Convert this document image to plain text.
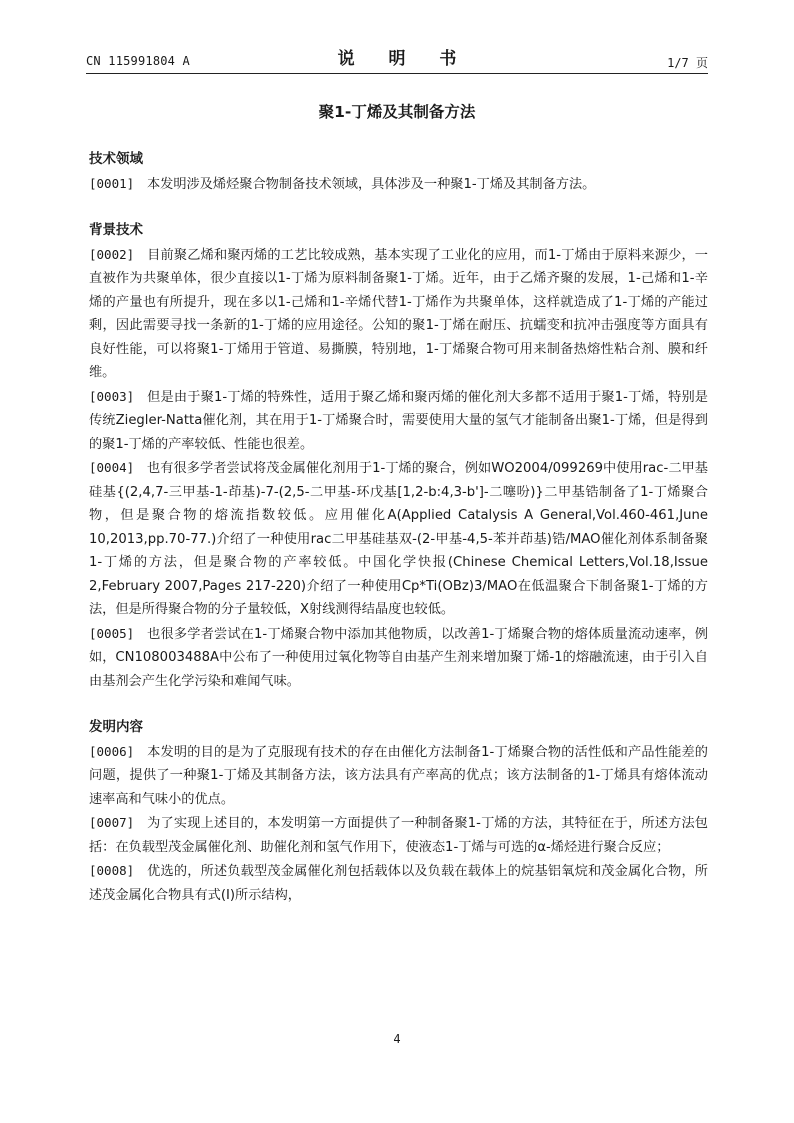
CN 115991804 A	说 明 书	1/7 页
聚1-丁烯及其制备方法
技术领域

[0001] 本发明涉及烯烃聚合物制备技术领域，具体涉及一种聚1-丁烯及其制备方法。

背景技术

[0002] 目前聚乙烯和聚丙烯的工艺比较成熟，基本实现了工业化的应用，而1-丁烯由于原料来源少，一直被作为共聚单体，很少直接以1-丁烯为原料制备聚1-丁烯。近年，由于乙烯齐聚的发展，1-己烯和1-辛烯的产量也有所提升，现在多以1-己烯和1-辛烯代替1-丁烯作为共聚单体，这样就造成了1-丁烯的产能过剩，因此需要寻找一条新的1-丁烯的应用途径。公知的聚1-丁烯在耐压、抗蠕变和抗冲击强度等方面具有良好性能，可以将聚1-丁烯用于管道、易撕膜，特别地，1-丁烯聚合物可用来制备热熔性粘合剂、膜和纤维。

[0003] 但是由于聚1-丁烯的特殊性，适用于聚乙烯和聚丙烯的催化剂大多都不适用于聚1-丁烯，特别是传统Ziegler-Natta催化剂，其在用于1-丁烯聚合时，需要使用大量的氢气才能制备出聚1-丁烯，但是得到的聚1-丁烯的产率较低、性能也很差。

[0004] 也有很多学者尝试将茂金属催化剂用于1-丁烯的聚合，例如WO2004/099269中使用rac-二甲基硅基{(2,4,7-三甲基-1-茚基)-7-(2,5-二甲基-环戊基[1,2-b:4,3-b']-二噻吩)}二甲基锆制备了1-丁烯聚合物，但是聚合物的熔流指数较低。应用催化A(Applied Catalysis A General,Vol.460-461,June 10,2013,pp.70-77.)介绍了一种使用rac二甲基硅基双-(2-甲基-4,5-苯并茚基)锆/MAO催化剂体系制备聚1-丁烯的方法，但是聚合物的产率较低。中国化学快报(Chinese Chemical Letters,Vol.18,Issue 2,February 2007,Pages 217-220)介绍了一种使用Cp*Ti(OBz)3/MAO在低温聚合下制备聚1-丁烯的方法，但是所得聚合物的分子量较低，X射线测得结晶度也较低。

[0005] 也很多学者尝试在1-丁烯聚合物中添加其他物质，以改善1-丁烯聚合物的熔体质量流动速率，例如，CN108003488A中公布了一种使用过氧化物等自由基产生剂来增加聚丁烯-1的熔融流速，由于引入自由基剂会产生化学污染和难闻气味。

发明内容

[0006] 本发明的目的是为了克服现有技术的存在由催化方法制备1-丁烯聚合物的活性低和产品性能差的问题，提供了一种聚1-丁烯及其制备方法，该方法具有产率高的优点；该方法制备的1-丁烯具有熔体流动速率高和气味小的优点。

[0007] 为了实现上述目的，本发明第一方面提供了一种制备聚1-丁烯的方法，其特征在于，所述方法包括：在负载型茂金属催化剂、助催化剂和氢气作用下，使液态1-丁烯与可选的α-烯烃进行聚合反应；

[0008] 优选的，所述负载型茂金属催化剂包括载体以及负载在载体上的烷基铝氧烷和茂金属化合物，所述茂金属化合物具有式(I)所示结构，

4
